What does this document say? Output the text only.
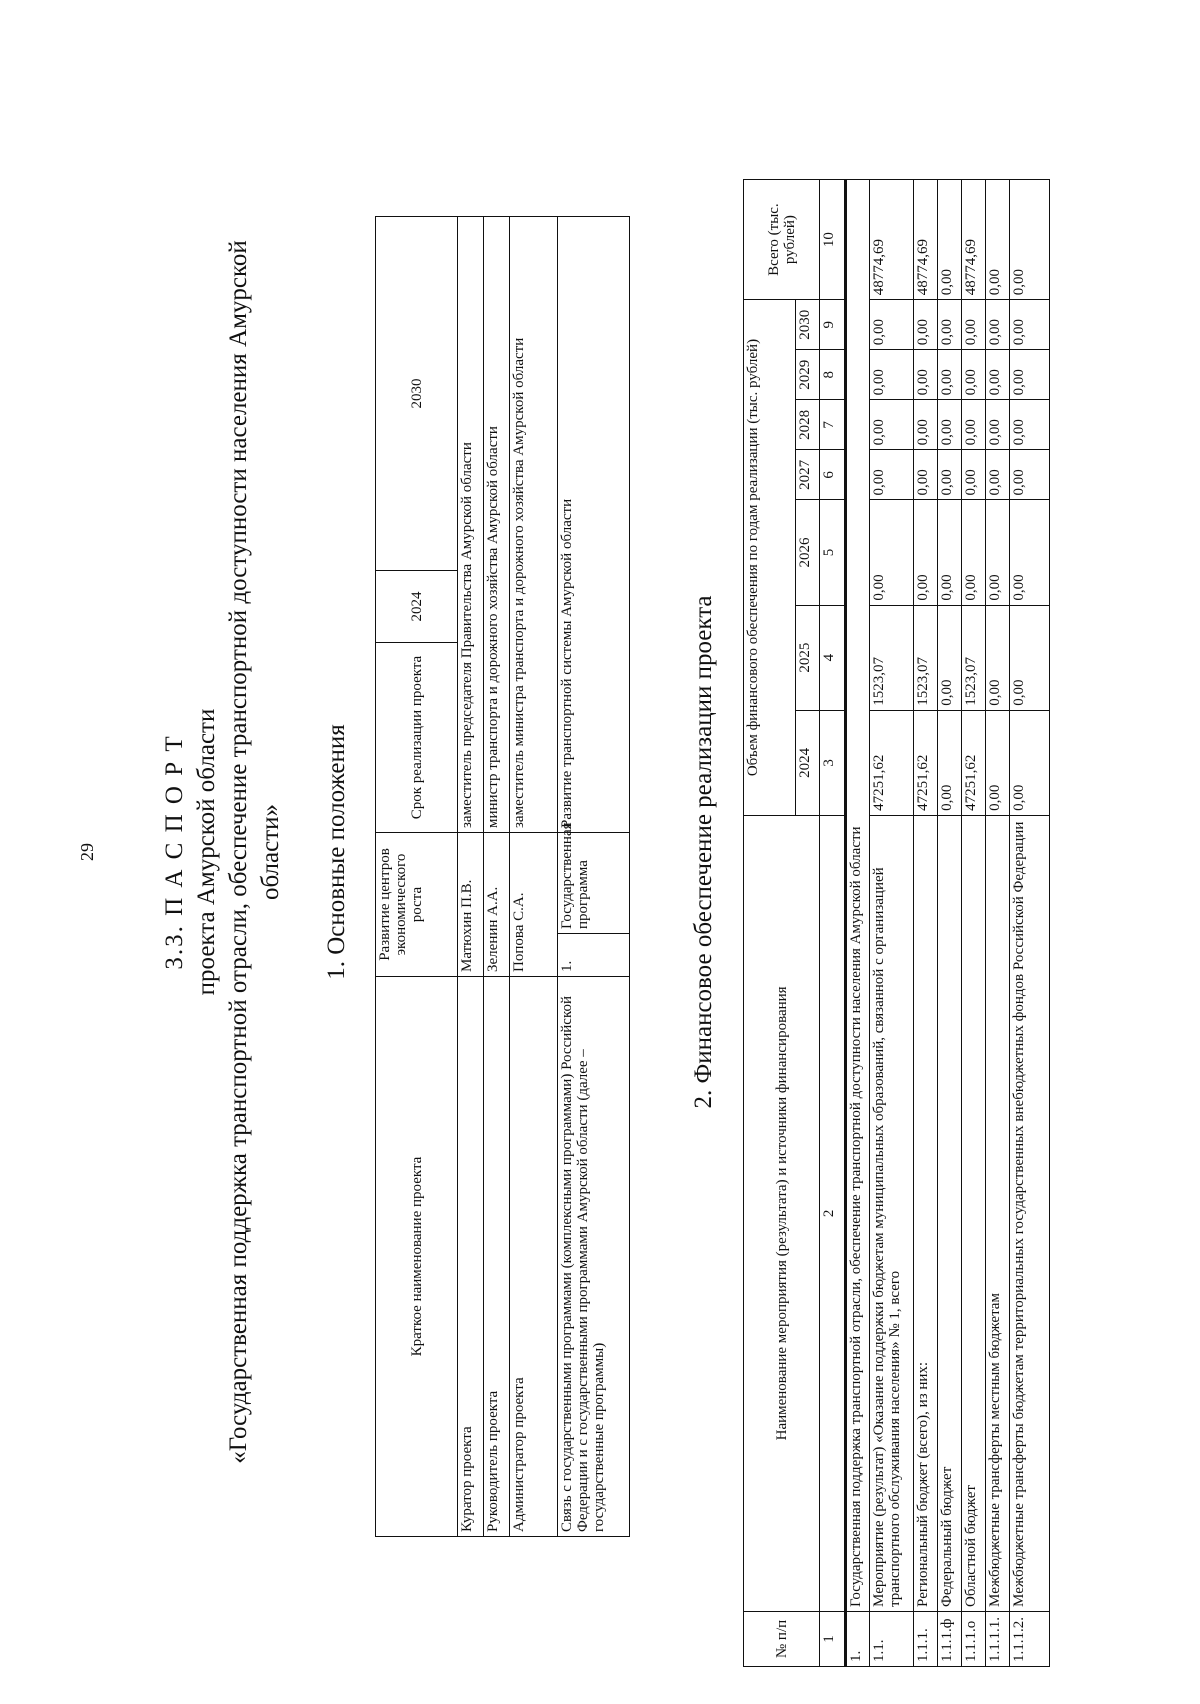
29	3.3. П А С П О Р Т проекта Амурской области «Государственная поддержка транспортной отрасли, обеспечение транспортной доступности населения Амурской области» 1. Основные положения
Краткое наименование проекта	Развитие центров экономического роста		Срок реализации проекта	2024	2030
Куратор проекта	Матюхин П.В.		заместитель председателя Правительства Амурской области		
Руководитель проекта	Зеленин А.А.		министр транспорта и дорожного хозяйства Амурской области		
Администратор проекта	Попова С.А.		заместитель министра транспорта и дорожного хозяйства Амурской области		
Связь с государственными программами (комплексными программами) Российской Федерации и с государственными программами Амурской области (далее – государственные программы)	1.	Государственная программа	Развитие транспортной системы Амурской области			2. Финансовое обеспечение реализации проекта
№ п/п	Наименование мероприятия (результата) и источники финансирования	Объем финансового обеспечения по годам реализации (тыс. рублей)							Всего (тыс. рублей)
		2024	2025	2026	2027	2028	2029	2030	
1	2	3	4	5	6	7	8	9	10
1.	Государственная поддержка транспортной отрасли, обеспечение транспортной доступности населения Амурской области								
1.1.	Мероприятие (результат) «Оказание поддержки бюджетам муниципальных образований, связанной с организацией транспортного обслуживания населения» № 1, всего	47251,62	1523,07	0,00	0,00	0,00	0,00	0,00	48774,69
1.1.1.	Региональный бюджет (всего), из них:	47251,62	1523,07	0,00	0,00	0,00	0,00	0,00	48774,69
1.1.1.ф	Федеральный бюджет	0,00	0,00	0,00	0,00	0,00	0,00	0,00	0,00
1.1.1.о	Областной бюджет	47251,62	1523,07	0,00	0,00	0,00	0,00	0,00	48774,69
1.1.1.1.	Межбюджетные трансферты местным бюджетам	0,00	0,00	0,00	0,00	0,00	0,00	0,00	0,00
1.1.1.2.	Межбюджетные трансферты бюджетам территориальных государственных внебюджетных фондов Российской Федерации	0,00	0,00	0,00	0,00	0,00	0,00	0,00	0,00
